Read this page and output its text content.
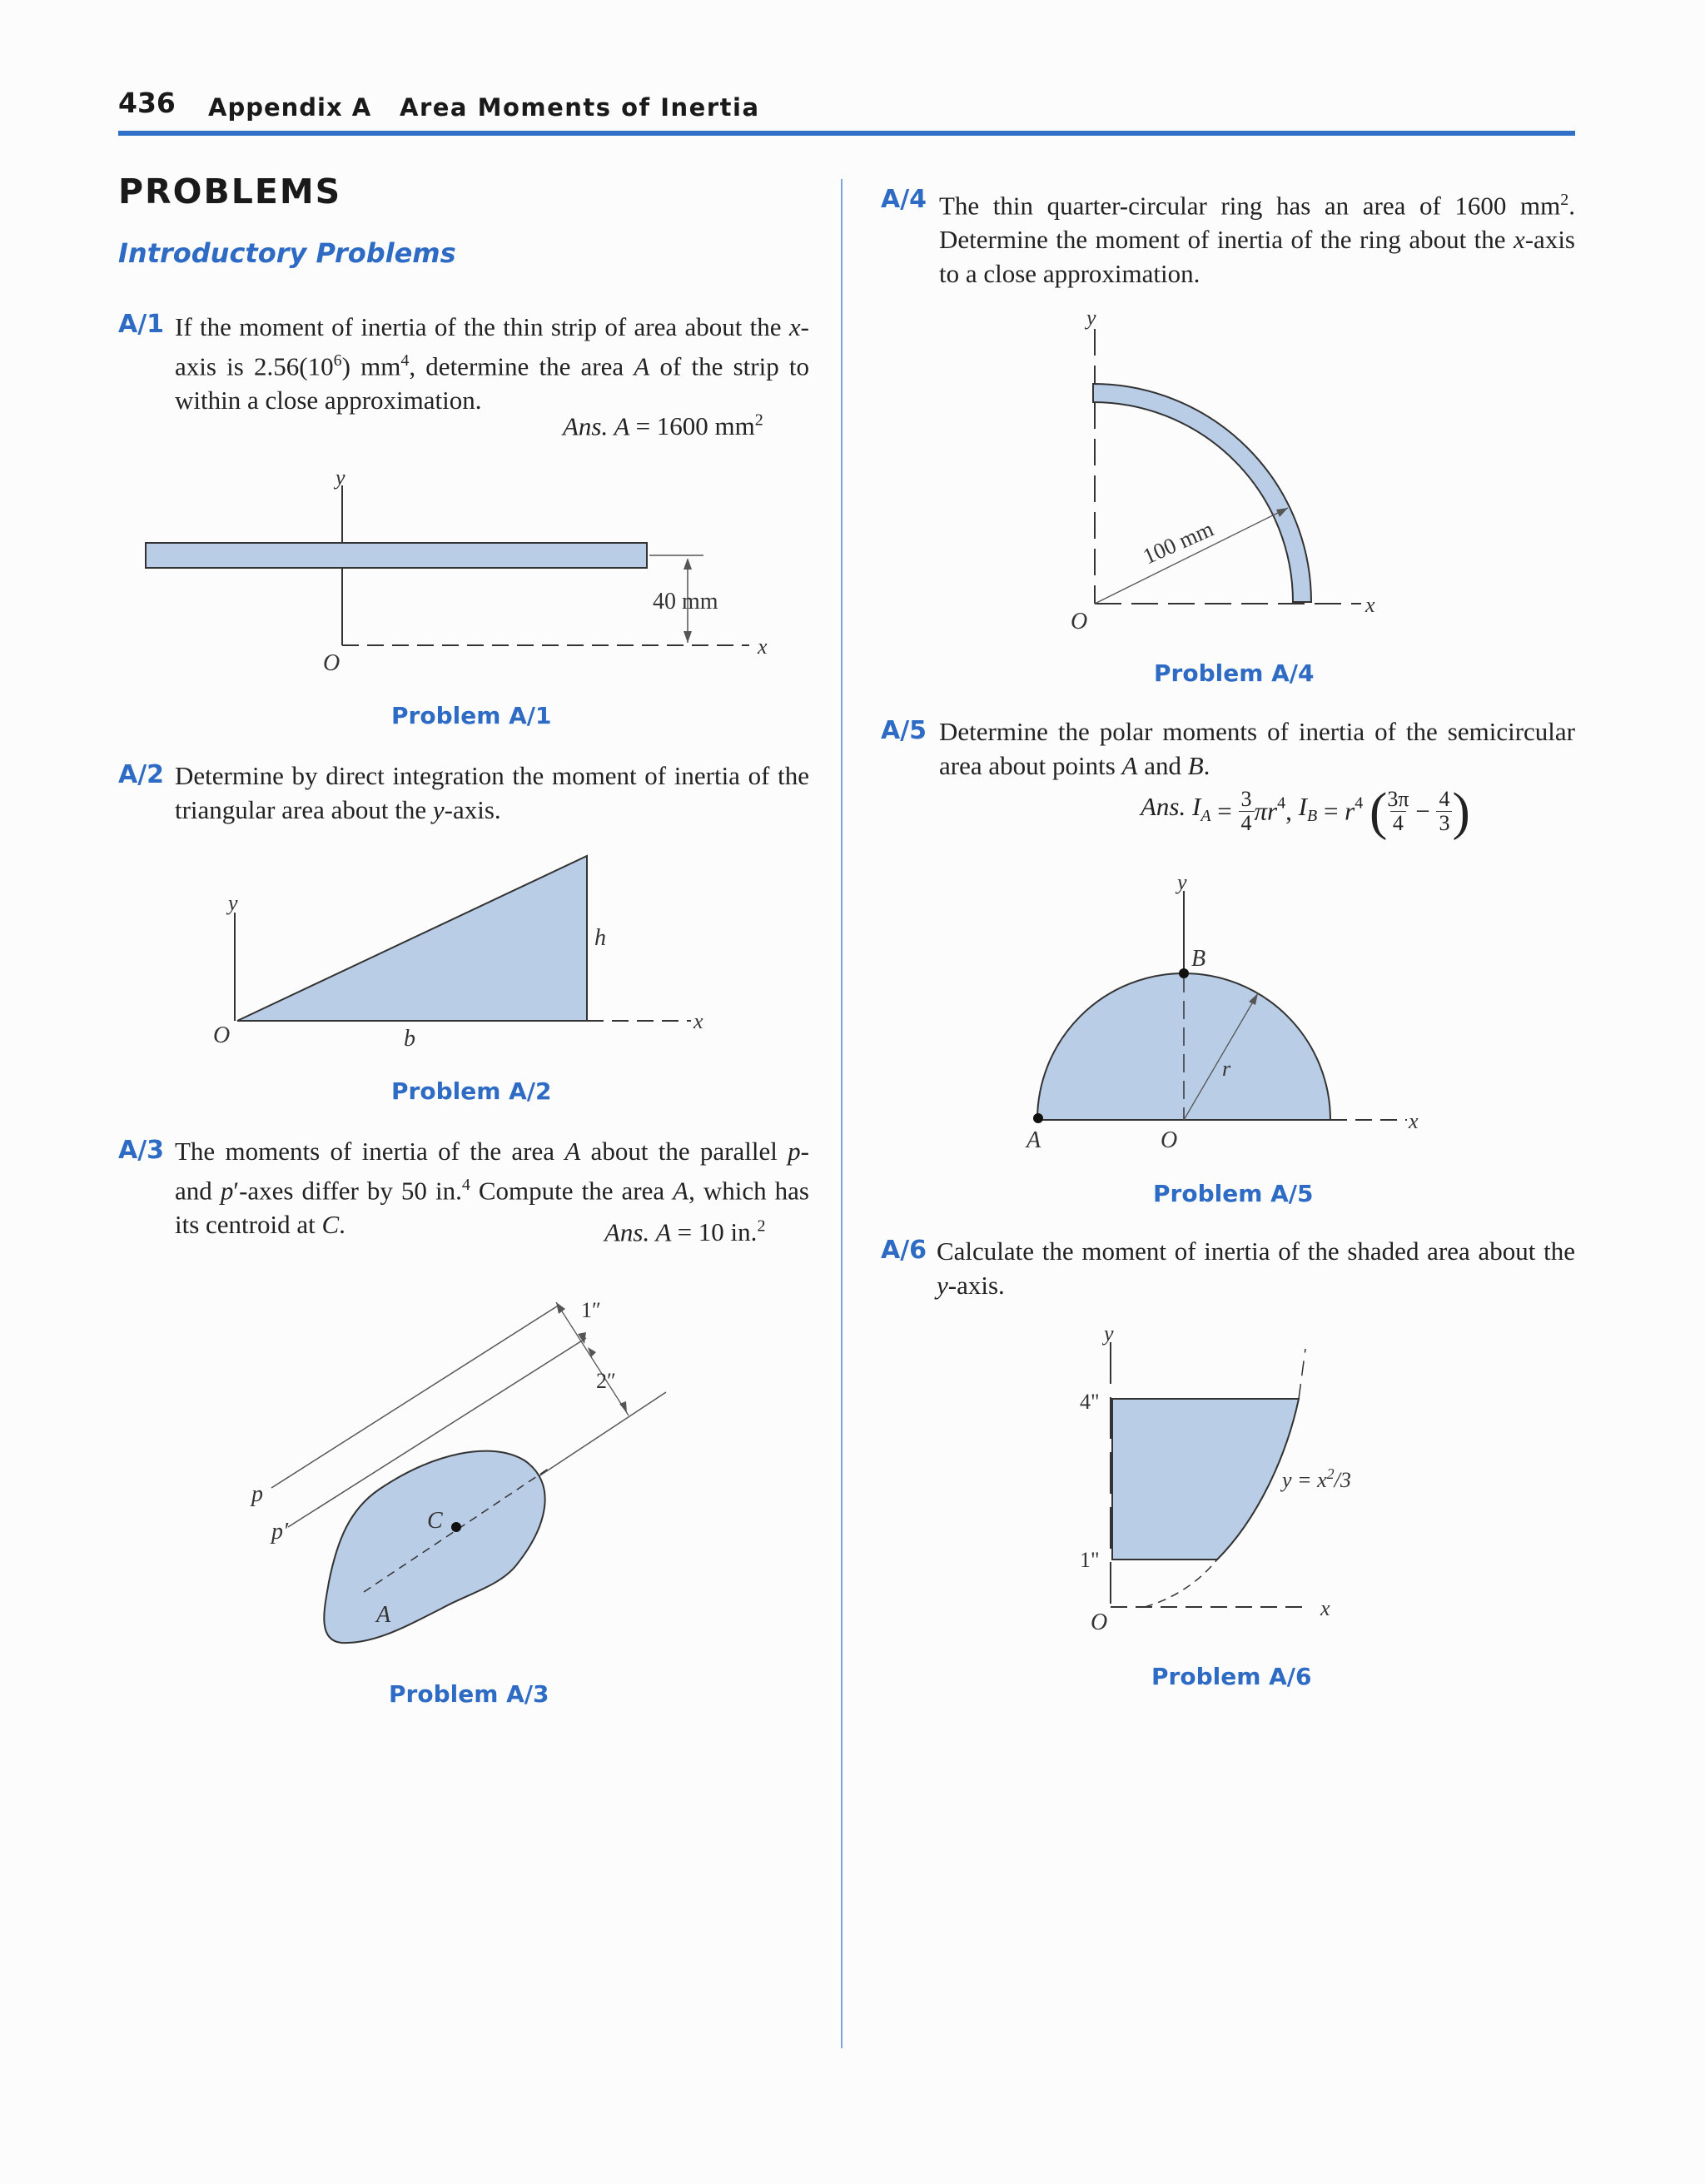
436 Appendix A Area Moments of Inertia
PROBLEMS
Introductory Problems
A/1 If the moment of inertia of the thin strip of area about the x-axis is $2.56(10^6)$ $mm^4$, determine the area A of the strip to within a close approximation.
Ans. A = 1600 $mm^2$
y
x
O
40 mm
Problem A/1
A/2 Determine by direct integration the moment of inertia of the triangular area about the y-axis.
y
x
O	b
h
Problem A/2
A/3 The moments of inertia of the area A about the parallel p- and p′-axes differ by 50 in.$^4$ Compute the area A, which has its centroid at C.	Ans. A = 10 in.$^2$
C
A
p
p′
1″
2″
Problem A/3
A/4 The thin quarter-circular ring has an area of 1600 $mm^2$. Determine the moment of inertia of the ring about the x-axis to a close approximation.
y
x
O
100 mm
Problem A/4
A/5 Determine the polar moments of inertia of the semicircular area about points A and B.
Ans. $I_A = 3$
$4\pi r^4$, $I_B = r^4$ (3π
4 − 4
3)
y
x
B
A	O
r
Problem A/5
A/6 Calculate the moment of inertia of the shaded area about the y-axis.
y
x
O
4"
1"
$y = x^2/3$
Problem A/6
